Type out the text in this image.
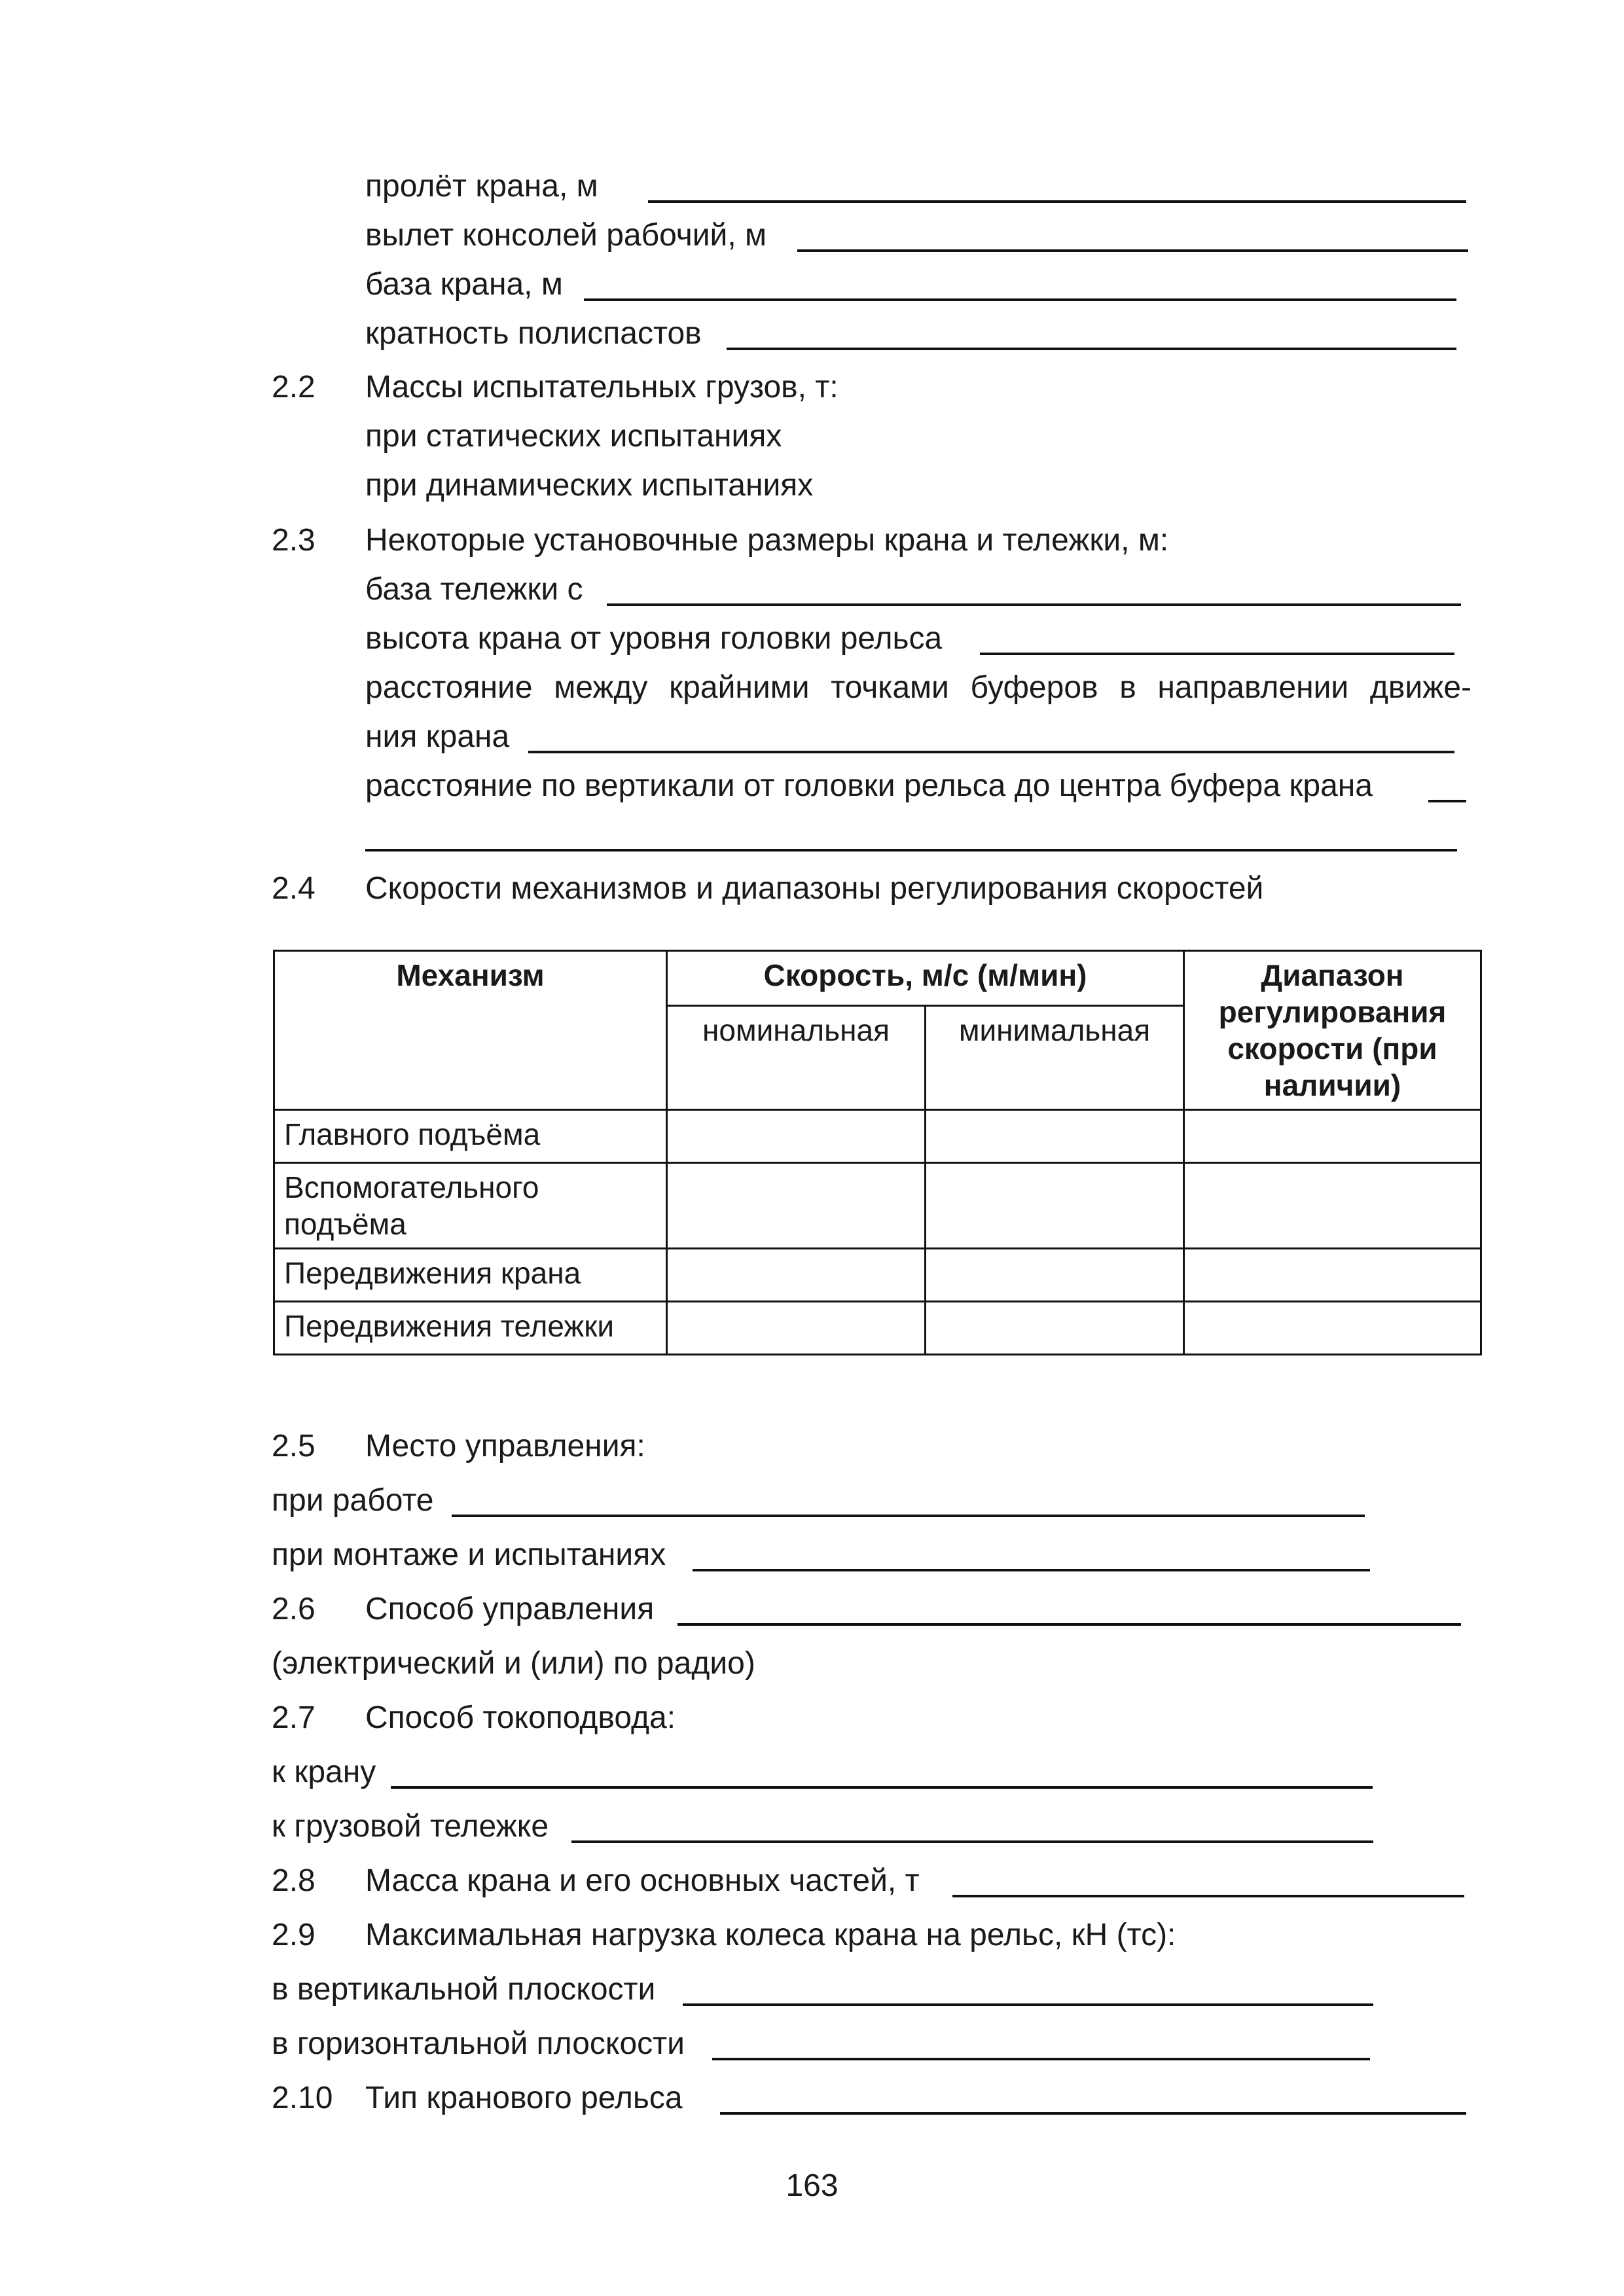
пролёт крана, м
вылет консолей рабочий, м
база крана, м
кратность полиспастов
2.2 Массы испытательных грузов, т:
при статических испытаниях
при динамических испытаниях
2.3 Некоторые установочные размеры крана и тележки, м:
база тележки с
высота крана от уровня головки рельса
расстояние между крайними точками буферов в направлении движе-
ния крана
расстояние по вертикали от головки рельса до центра буфера крана
2.4 Скорости механизмов и диапазоны регулирования скоростей
Механизм	Скорость, м/с (м/мин)		Диапазон регулирования скорости (при наличии)
	номинальная	минимальная	
Главного подъёма			
Вспомогательного подъёма			
Передвижения крана			
Передвижения тележки			
2.5 Место управления:
при работе
при монтаже и испытаниях
2.6 Способ управления
(электрический и (или) по радио)
2.7 Способ токоподвода:
к крану
к грузовой тележке
2.8 Масса крана и его основных частей, т
2.9 Максимальная нагрузка колеса крана на рельс, кН (тс):
в вертикальной плоскости
в горизонтальной плоскости
2.10 Тип кранового рельса
163
